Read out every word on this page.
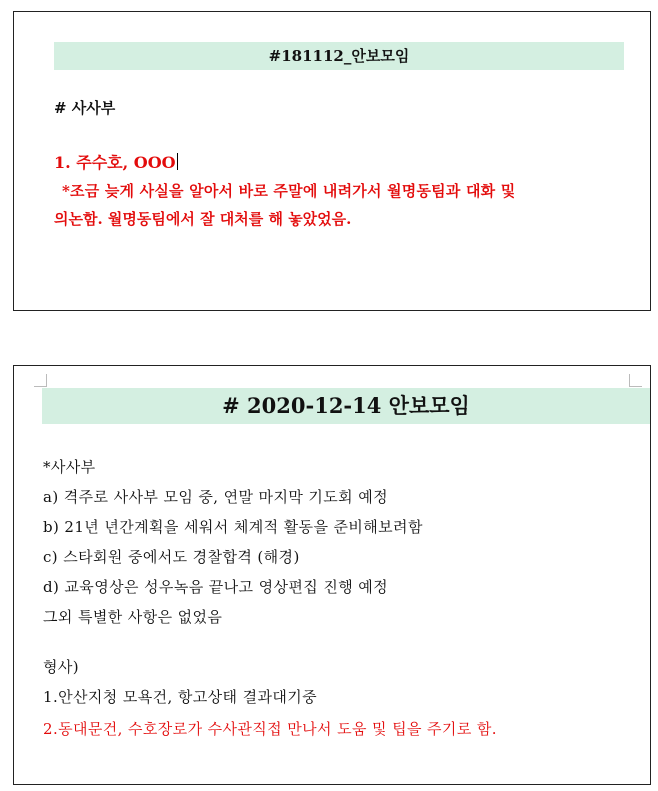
#181112_안보모임
# 사사부
1. 주수호, OOO
*조금 늦게 사실을 알아서 바로 주말에 내려가서 월명동팀과 대화 및
의논함. 월명동팀에서 잘 대처를 해 놓았었음.
# 2020-12-14 안보모임
*사사부
a) 격주로 사사부 모임 중, 연말 마지막 기도회 예정
b) 21년 년간계획을 세워서 체계적 활동을 준비해보려함
c) 스타회원 중에서도 경찰합격 (해경)
d) 교육영상은 성우녹음 끝나고 영상편집 진행 예정
그외 특별한 사항은 없었음
형사)
1.안산지청 모욕건, 항고상태 결과대기중
2.동대문건, 수호장로가 수사관직접 만나서 도움 및 팁을 주기로 함.
